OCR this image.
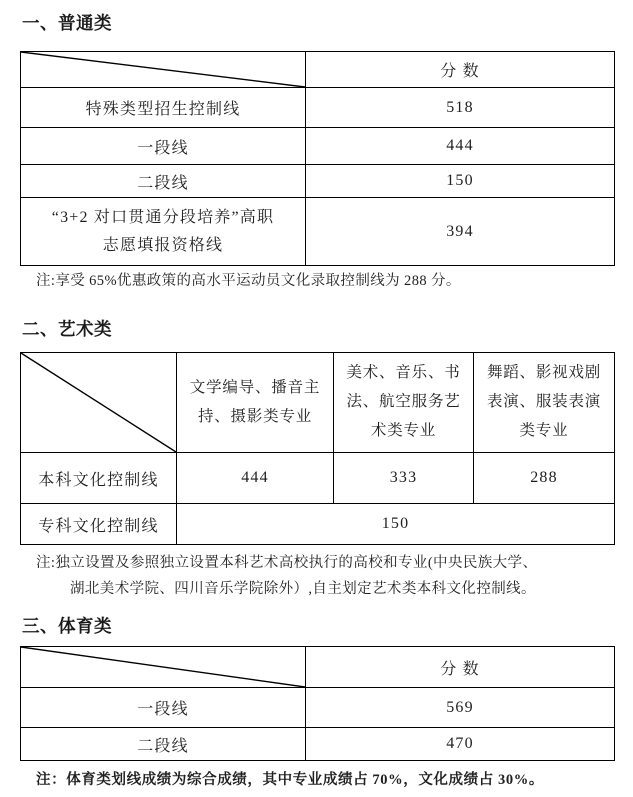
一、普通类
	分 数
特殊类型招生控制线	518
一段线	444
二段线	150

“3+2 对口贯通分段培养”高职
志愿填报资格线	394
注:享受 65%优惠政策的高水平运动员文化录取控制线为 288 分。
二、艺术类
	文学编导、播音主持、摄影类专业	美术、音乐、书法、航空服务艺术类专业	舞蹈、影视戏剧表演、服装表演类专业
本科文化控制线	444	333	288
专科文化控制线	150		
注:独立设置及参照独立设置本科艺术高校执行的高校和专业(中央民族大学、
湖北美术学院、四川音乐学院除外）,自主划定艺术类本科文化控制线。
三、体育类
	分 数
一段线	569
二段线	470
注：体育类划线成绩为综合成绩，其中专业成绩占 70%，文化成绩占 30%。
